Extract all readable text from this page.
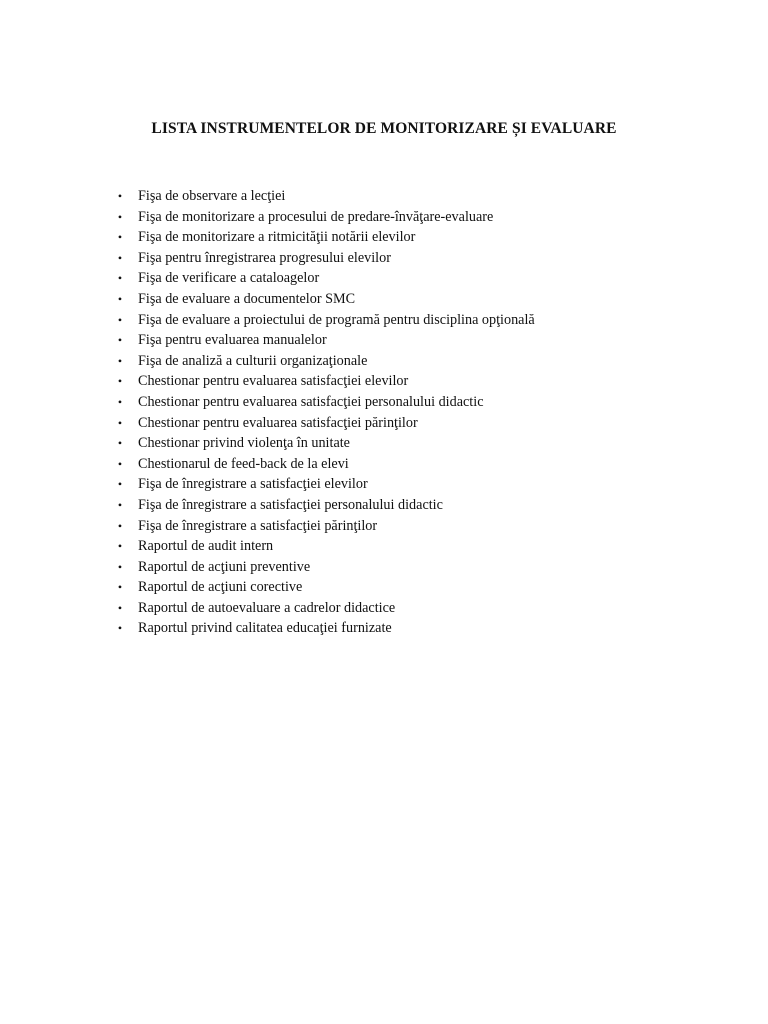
LISTA INSTRUMENTELOR DE MONITORIZARE ȘI EVALUARE
•	Fişa de observare a lecţiei
•	Fişa de monitorizare a procesului de predare-învăţare-evaluare
•	Fişa de monitorizare a ritmicităţii notării elevilor
•	Fişa pentru înregistrarea progresului elevilor
•	Fişa de verificare a cataloagelor
•	Fişa de evaluare a documentelor SMC
•	Fişa de evaluare a proiectului de programă pentru disciplina opţională
•	Fişa pentru evaluarea manualelor
•	Fişa de analiză a culturii organizaţionale
•	Chestionar pentru evaluarea satisfacţiei elevilor
•	Chestionar pentru evaluarea satisfacţiei personalului didactic
•	Chestionar pentru evaluarea satisfacţiei părinţilor
•	Chestionar privind violenţa în unitate
•	Chestionarul de feed-back de la elevi
•	Fişa de înregistrare a satisfacţiei elevilor
•	Fişa de înregistrare a satisfacţiei personalului didactic
•	Fişa de înregistrare a satisfacţiei părinţilor
•	Raportul de audit intern
•	Raportul de acţiuni preventive
•	Raportul de acţiuni corective
•	Raportul de autoevaluare a cadrelor didactice
•	Raportul privind calitatea educaţiei furnizate
